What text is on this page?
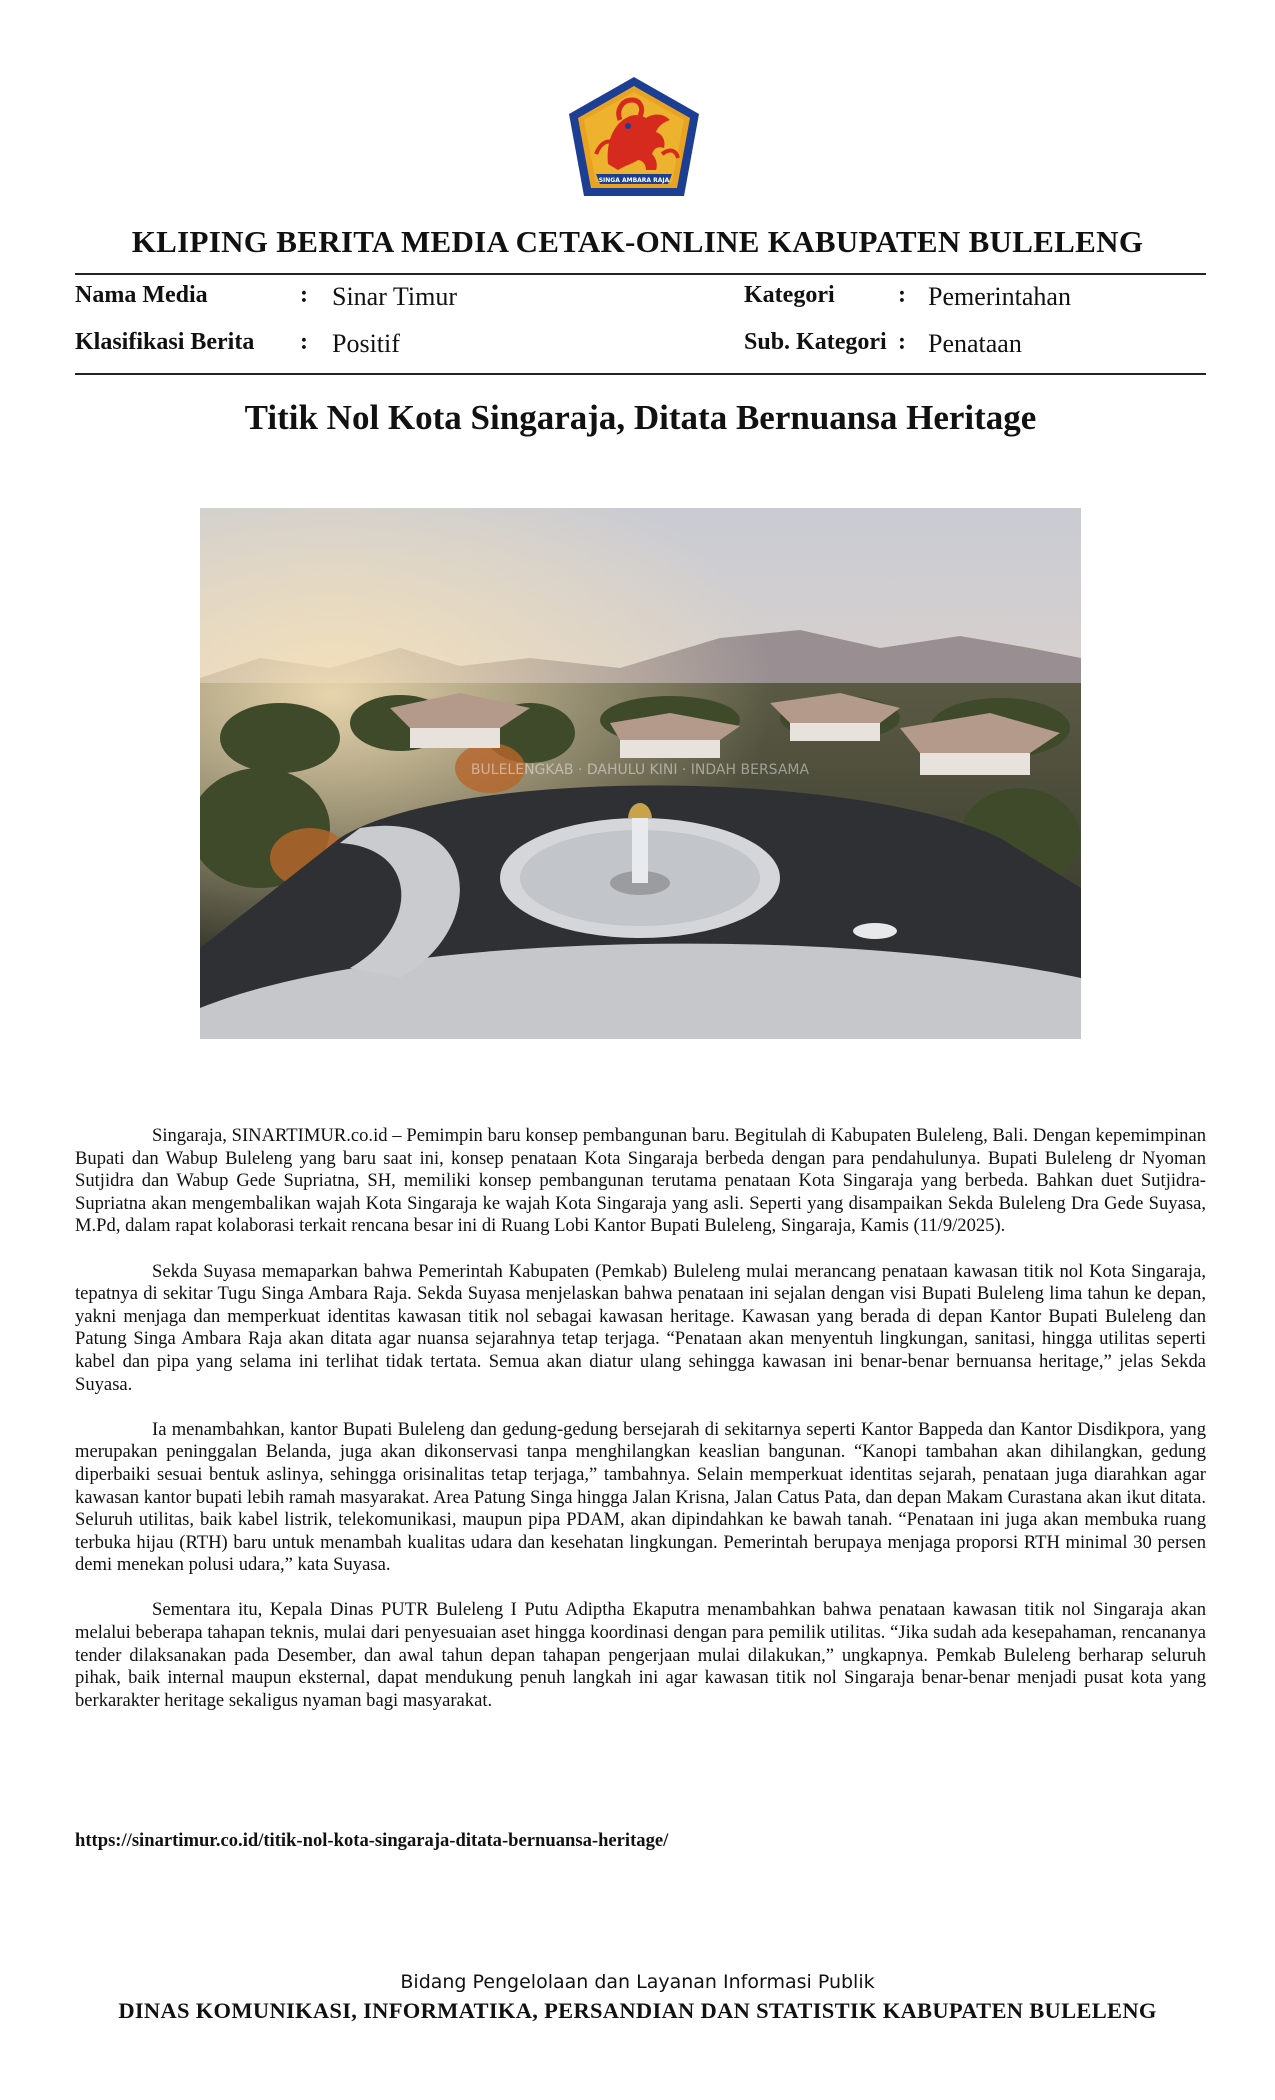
SINGA AMBARA RAJA
KLIPING BERITA MEDIA CETAK-ONLINE KABUPATEN BULELENG
Nama Media	: Sinar Timur
Klasifikasi Berita : Positif
Kategori	: Pemerintahan
Sub. Kategori : Penataan
Titik Nol Kota Singaraja, Ditata Bernuansa Heritage
BULELENGKAB · DAHULU KINI · INDAH BERSAMA

Singaraja, SINARTIMUR.co.id – Pemimpin baru konsep pembangunan baru. Begitulah di Kabupaten Buleleng, Bali. Dengan kepemimpinan Bupati dan Wabup Buleleng yang baru saat ini, konsep penataan Kota Singaraja berbeda dengan para pendahulunya. Bupati Buleleng dr Nyoman Sutjidra dan Wabup Gede Supriatna, SH, memiliki konsep pembangunan terutama penataan Kota Singaraja yang berbeda. Bahkan duet Sutjidra-Supriatna akan mengembalikan wajah Kota Singaraja ke wajah Kota Singaraja yang asli. Seperti yang disampaikan Sekda Buleleng Dra Gede Suyasa, M.Pd, dalam rapat kolaborasi terkait rencana besar ini di Ruang Lobi Kantor Bupati Buleleng, Singaraja, Kamis (11/9/2025).

Sekda Suyasa memaparkan bahwa Pemerintah Kabupaten (Pemkab) Buleleng mulai merancang penataan kawasan titik nol Kota Singaraja, tepatnya di sekitar Tugu Singa Ambara Raja. Sekda Suyasa menjelaskan bahwa penataan ini sejalan dengan visi Bupati Buleleng lima tahun ke depan, yakni menjaga dan memperkuat identitas kawasan titik nol sebagai kawasan heritage. Kawasan yang berada di depan Kantor Bupati Buleleng dan Patung Singa Ambara Raja akan ditata agar nuansa sejarahnya tetap terjaga. “Penataan akan menyentuh lingkungan, sanitasi, hingga utilitas seperti kabel dan pipa yang selama ini terlihat tidak tertata. Semua akan diatur ulang sehingga kawasan ini benar-benar bernuansa heritage,” jelas Sekda Suyasa.

Ia menambahkan, kantor Bupati Buleleng dan gedung-gedung bersejarah di sekitarnya seperti Kantor Bappeda dan Kantor Disdikpora, yang merupakan peninggalan Belanda, juga akan dikonservasi tanpa menghilangkan keaslian bangunan. “Kanopi tambahan akan dihilangkan, gedung diperbaiki sesuai bentuk aslinya, sehingga orisinalitas tetap terjaga,” tambahnya. Selain memperkuat identitas sejarah, penataan juga diarahkan agar kawasan kantor bupati lebih ramah masyarakat. Area Patung Singa hingga Jalan Krisna, Jalan Catus Pata, dan depan Makam Curastana akan ikut ditata. Seluruh utilitas, baik kabel listrik, telekomunikasi, maupun pipa PDAM, akan dipindahkan ke bawah tanah. “Penataan ini juga akan membuka ruang terbuka hijau (RTH) baru untuk menambah kualitas udara dan kesehatan lingkungan. Pemerintah berupaya menjaga proporsi RTH minimal 30 persen demi menekan polusi udara,” kata Suyasa.

Sementara itu, Kepala Dinas PUTR Buleleng I Putu Adiptha Ekaputra menambahkan bahwa penataan kawasan titik nol Singaraja akan melalui beberapa tahapan teknis, mulai dari penyesuaian aset hingga koordinasi dengan para pemilik utilitas. “Jika sudah ada kesepahaman, rencananya tender dilaksanakan pada Desember, dan awal tahun depan tahapan pengerjaan mulai dilakukan,” ungkapnya. Pemkab Buleleng berharap seluruh pihak, baik internal maupun eksternal, dapat mendukung penuh langkah ini agar kawasan titik nol Singaraja benar-benar menjadi pusat kota yang berkarakter heritage sekaligus nyaman bagi masyarakat.

https://sinartimur.co.id/titik-nol-kota-singaraja-ditata-bernuansa-heritage/
Bidang Pengelolaan dan Layanan Informasi Publik
DINAS KOMUNIKASI, INFORMATIKA, PERSANDIAN DAN STATISTIK KABUPATEN BULELENG
